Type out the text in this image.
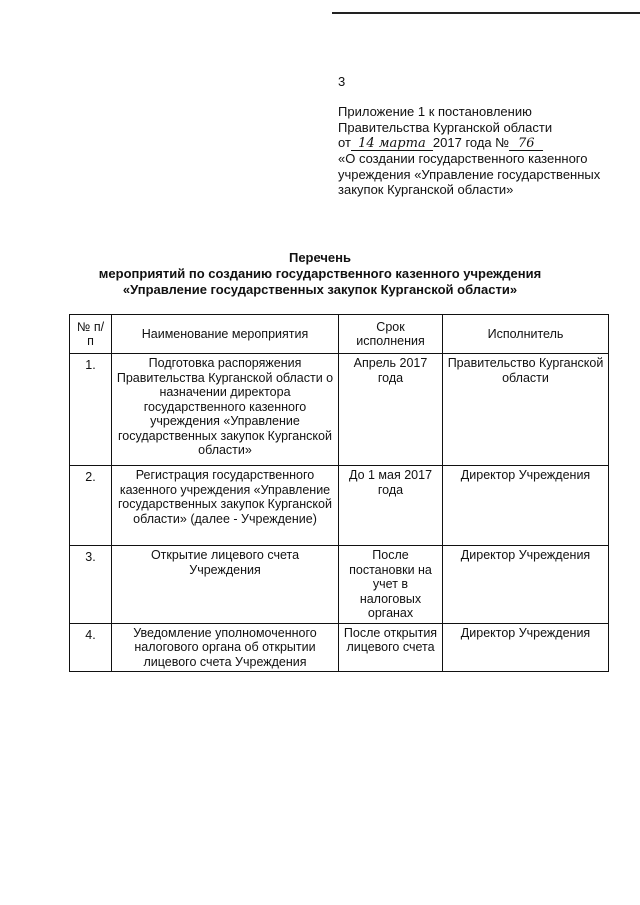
3
Приложение 1 к постановлению
Правительства Курганской области
от 14 марта 2017 года № 76
«О создании государственного казенного
учреждения «Управление государственных
закупок Курганской области»
Перечень
мероприятий по созданию государственного казенного учреждения
«Управление государственных закупок Курганской области»
№ п/п	Наименование мероприятия	Срок исполнения	Исполнитель
1.	Подготовка распоряжения Правительства Курганской области о назначении директора государственного казенного учреждения «Управление государственных закупок Курганской области»	Апрель 2017 года	Правительство Курганской области
2.	Регистрация государственного казенного учреждения «Управление государственных закупок Курганской области» (далее - Учреждение)	До 1 мая 2017 года	Директор Учреждения
3.	Открытие лицевого счета Учреждения	После постановки на учет в налоговых органах	Директор Учреждения
4.	Уведомление уполномоченного налогового органа об открытии лицевого счета Учреждения	После открытия лицевого счета	Директор Учреждения
